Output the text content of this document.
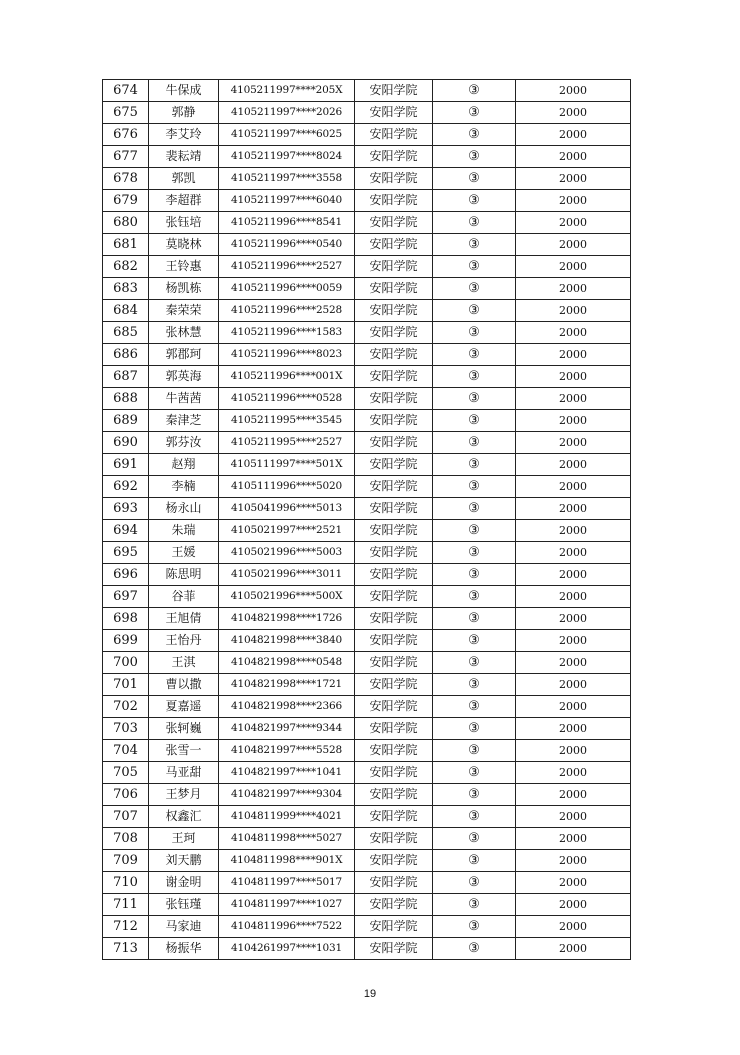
674	牛保成	4105211997****205X	安阳学院	③	2000
675	郭静	4105211997****2026	安阳学院	③	2000
676	李艾玲	4105211997****6025	安阳学院	③	2000
677	裴耘靖	4105211997****8024	安阳学院	③	2000
678	郭凯	4105211997****3558	安阳学院	③	2000
679	李超群	4105211997****6040	安阳学院	③	2000
680	张钰培	4105211996****8541	安阳学院	③	2000
681	莫晓林	4105211996****0540	安阳学院	③	2000
682	王铃惠	4105211996****2527	安阳学院	③	2000
683	杨凯栋	4105211996****0059	安阳学院	③	2000
684	秦荣荣	4105211996****2528	安阳学院	③	2000
685	张林慧	4105211996****1583	安阳学院	③	2000
686	郭郡珂	4105211996****8023	安阳学院	③	2000
687	郭英海	4105211996****001X	安阳学院	③	2000
688	牛茜茜	4105211996****0528	安阳学院	③	2000
689	秦津芝	4105211995****3545	安阳学院	③	2000
690	郭芬汝	4105211995****2527	安阳学院	③	2000
691	赵翔	4105111997****501X	安阳学院	③	2000
692	李楠	4105111996****5020	安阳学院	③	2000
693	杨永山	4105041996****5013	安阳学院	③	2000
694	朱瑞	4105021997****2521	安阳学院	③	2000
695	王媛	4105021996****5003	安阳学院	③	2000
696	陈思明	4105021996****3011	安阳学院	③	2000
697	谷菲	4105021996****500X	安阳学院	③	2000
698	王旭倩	4104821998****1726	安阳学院	③	2000
699	王怡丹	4104821998****3840	安阳学院	③	2000
700	王淇	4104821998****0548	安阳学院	③	2000
701	曹以撒	4104821998****1721	安阳学院	③	2000
702	夏嘉遥	4104821998****2366	安阳学院	③	2000
703	张轲巍	4104821997****9344	安阳学院	③	2000
704	张雪一	4104821997****5528	安阳学院	③	2000
705	马亚甜	4104821997****1041	安阳学院	③	2000
706	王梦月	4104821997****9304	安阳学院	③	2000
707	权鑫汇	4104811999****4021	安阳学院	③	2000
708	王珂	4104811998****5027	安阳学院	③	2000
709	刘天鹏	4104811998****901X	安阳学院	③	2000
710	谢金明	4104811997****5017	安阳学院	③	2000
711	张钰瑾	4104811997****1027	安阳学院	③	2000
712	马家迪	4104811996****7522	安阳学院	③	2000
713	杨振华	4104261997****1031	安阳学院	③	2000
19
